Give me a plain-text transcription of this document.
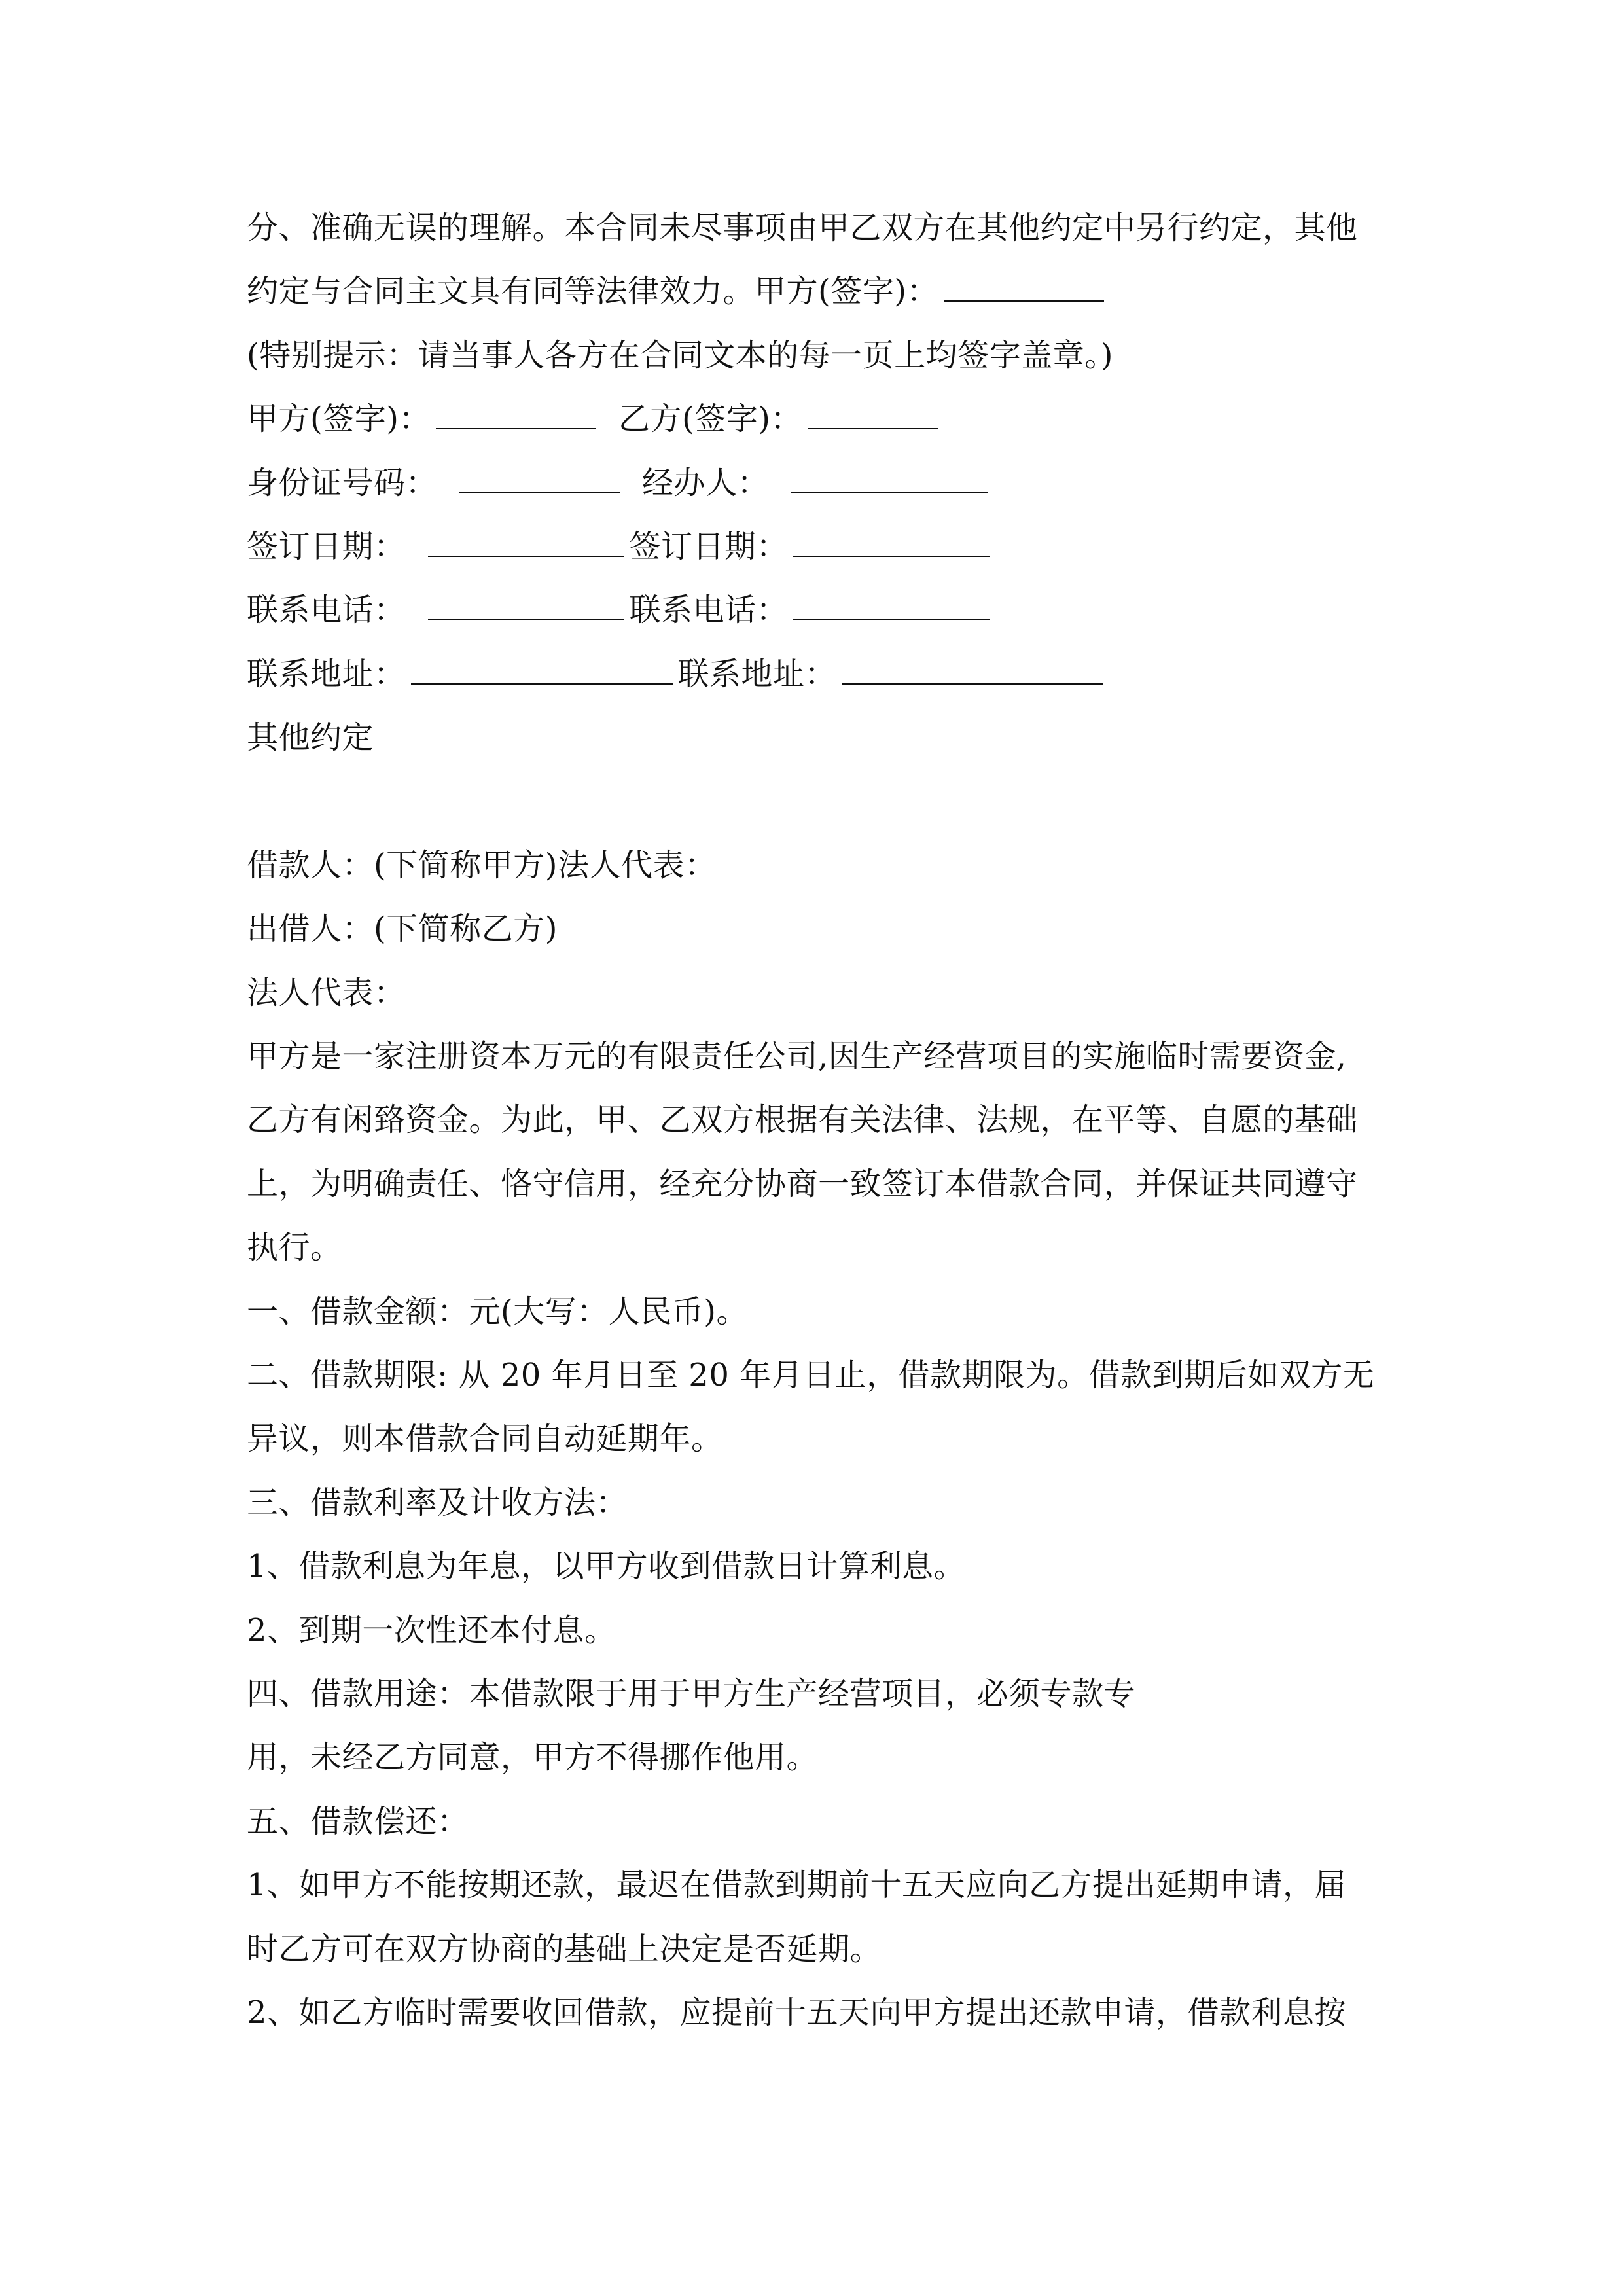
分、准确无误的理解。本合同未尽事项由甲乙双方在其他约定中另行约定，其他
约定与合同主文具有同等法律效力。甲方(签字)：
(特别提示：请当事人各方在合同文本的每一页上均签字盖章。)
甲方(签字)：	乙方(签字)：
身份证号码：	经办人：
签订日期：	签订日期：
联系电话：	联系电话：
联系地址：	联系地址：
其他约定
借款人：(下简称甲方)法人代表：
出借人：(下简称乙方)
法人代表：
甲方是一家注册资本万元的有限责任公司,因生产经营项目的实施临时需要资金,
乙方有闲臵资金。为此，甲、乙双方根据有关法律、法规，在平等、自愿的基础
上，为明确责任、恪守信用，经充分协商一致签订本借款合同，并保证共同遵守
执行。
一、借款金额：元(大写：人民币)。
二、借款期限: 从 20 年月日至 20 年月日止，借款期限为。借款到期后如双方无
异议，则本借款合同自动延期年。
三、借款利率及计收方法：
1、借款利息为年息，以甲方收到借款日计算利息。
2、到期一次性还本付息。
四、借款用途：本借款限于用于甲方生产经营项目，必须专款专
用，未经乙方同意，甲方不得挪作他用。
五、借款偿还：
1、如甲方不能按期还款，最迟在借款到期前十五天应向乙方提出延期申请，届
时乙方可在双方协商的基础上决定是否延期。
2、如乙方临时需要收回借款，应提前十五天向甲方提出还款申请，借款利息按
